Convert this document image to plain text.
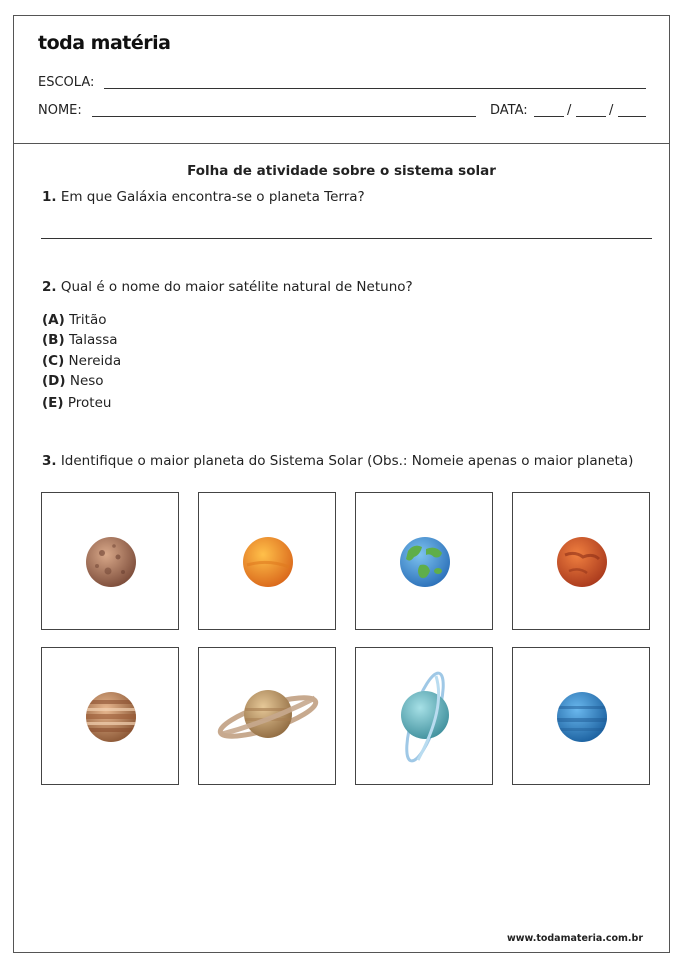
toda matéria
ESCOLA:
NOME:	DATA:	/	/
Folha de atividade sobre o sistema solar
1. Em que Galáxia encontra-se o planeta Terra?
2. Qual é o nome do maior satélite natural de Netuno?
(A) Tritão
(B) Talassa
(C) Nereida
(D) Neso
(E) Proteu
3. Identifique o maior planeta do Sistema Solar (Obs.: Nomeie apenas o maior planeta)
www.todamateria.com.br
